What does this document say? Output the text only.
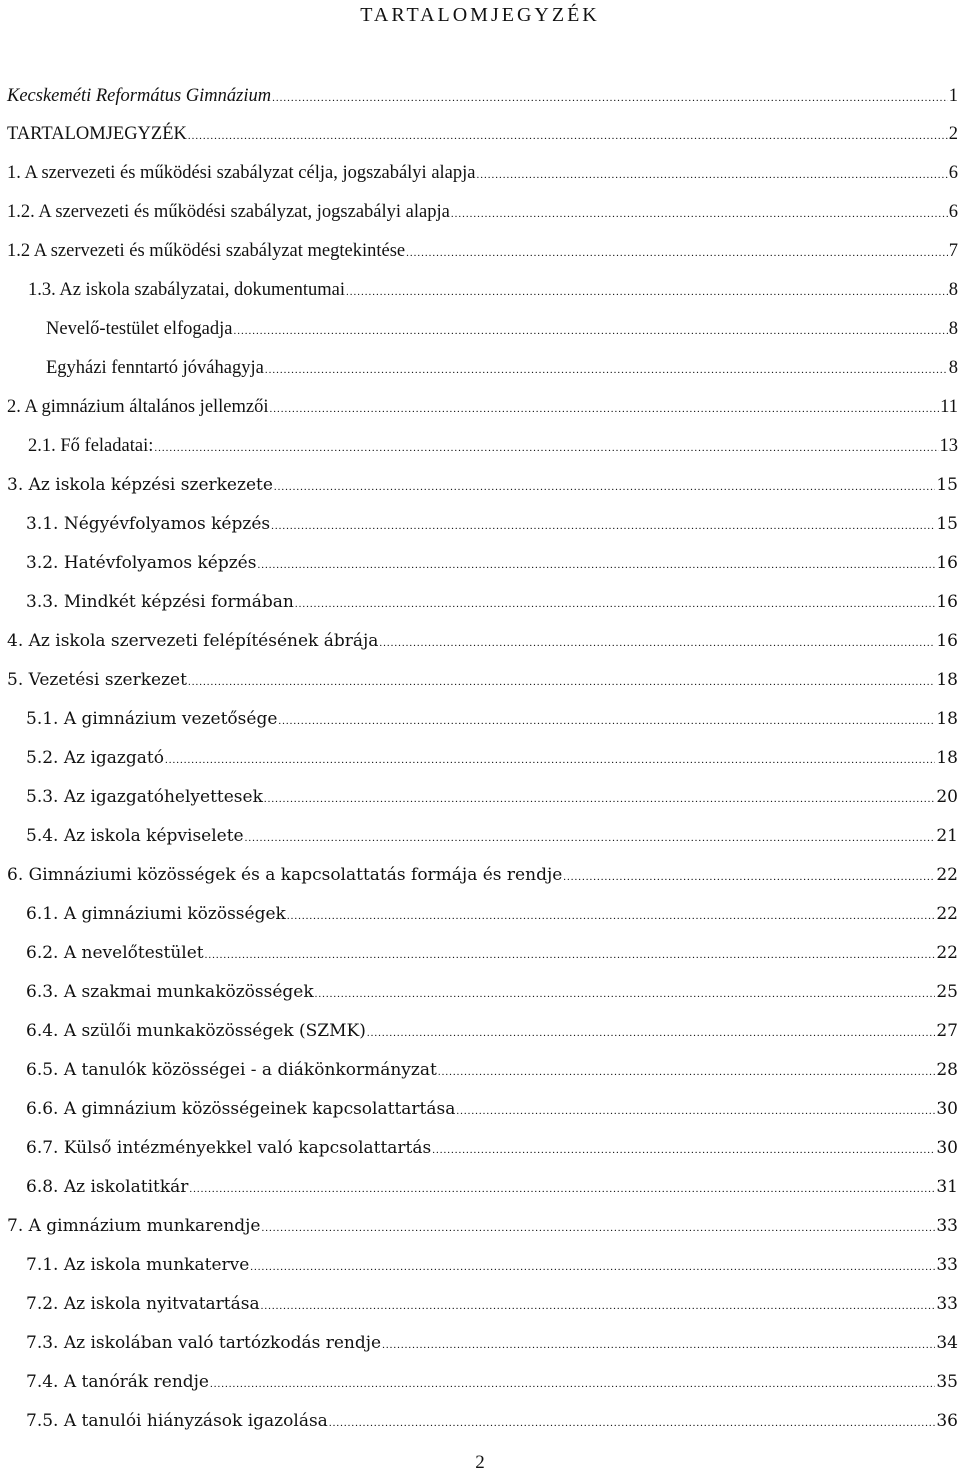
TARTALOMJEGYZÉK
Kecskeméti Református Gimnázium .....	1
TARTALOMJEGYZÉK .....	2
1. A szervezeti és működési szabályzat célja, jogszabályi alapja .....	6
1.2. A szervezeti és működési szabályzat, jogszabályi alapja .....	6
1.2 A szervezeti és működési szabályzat megtekintése .....	7
1.3. Az iskola szabályzatai, dokumentumai .....	8
Nevelő-testület elfogadja .....	8
Egyházi fenntartó jóváhagyja .....	8
2. A gimnázium általános jellemzői .....	11
2.1. Fő feladatai: .....	13
3. Az iskola képzési szerkezete .....	15
3.1. Négyévfolyamos képzés .....	15
3.2. Hatévfolyamos képzés .....	16
3.3. Mindkét képzési formában .....	16
4. Az iskola szervezeti felépítésének ábrája .....	16
5. Vezetési szerkezet .....	18
5.1. A gimnázium vezetősége .....	18
5.2. Az igazgató .....	18
5.3. Az igazgatóhelyettesek .....	20
5.4. Az iskola képviselete .....	21
6. Gimnáziumi közösségek és a kapcsolattatás formája és rendje .....	22
6.1. A gimnáziumi közösségek .....	22
6.2. A nevelőtestület .....	22
6.3. A szakmai munkaközösségek .....	25
6.4. A szülői munkaközösségek (SZMK) .....	27
6.5. A tanulók közösségei - a diákönkormányzat .....	28
6.6. A gimnázium közösségeinek kapcsolattartása .....	30
6.7. Külső intézményekkel való kapcsolattartás .....	30
6.8. Az iskolatitkár .....	31
7. A gimnázium munkarendje .....	33
7.1. Az iskola munkaterve .....	33
7.2. Az iskola nyitvatartása .....	33
7.3. Az iskolában való tartózkodás rendje .....	34
7.4. A tanórák rendje .....	35
7.5. A tanulói hiányzások igazolása .....	36
2
